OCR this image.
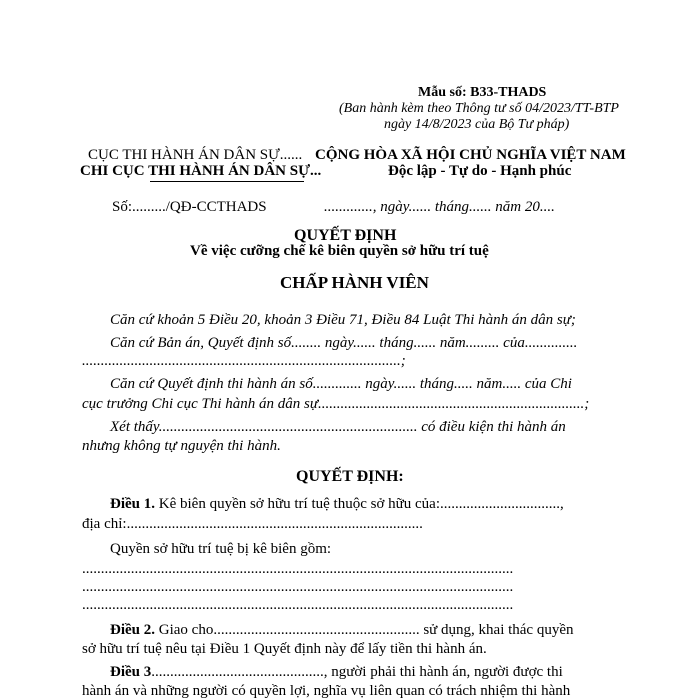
Mẫu số: B33-THADS
(Ban hành kèm theo Thông tư số 04/2023/TT-BTP
ngày 14/8/2023 của Bộ Tư pháp)
CỤC THI HÀNH ÁN DÂN SỰ......
CHI CỤC THI HÀNH ÁN DÂN SỰ...
CỘNG HÒA XÃ HỘI CHỦ NGHĨA VIỆT NAM
Độc lập - Tự do - Hạnh phúc
Số:........./QĐ-CCTHADS	............., ngày...... tháng...... năm 20....
QUYẾT ĐỊNH
Về việc cưỡng chế kê biên quyền sở hữu trí tuệ
CHẤP HÀNH VIÊN
Căn cứ khoản 5 Điều 20, khoản 3 Điều 71, Điều 84 Luật Thi hành án dân sự;
Căn cứ Bản án, Quyết định số........ ngày...... tháng...... năm......... của..............
.....................................................................................;
Căn cứ Quyết định thi hành án số............. ngày...... tháng..... năm..... của Chi
cục trưởng Chi cục Thi hành án dân sự.......................................................................;
Xét thấy..................................................................... có điều kiện thi hành án
nhưng không tự nguyện thi hành.
QUYẾT ĐỊNH:
Điều 1. Kê biên quyền sở hữu trí tuệ thuộc sở hữu của:................................,
địa chỉ:...............................................................................
Quyền sở hữu trí tuệ bị kê biên gồm:
...................................................................................................................
...................................................................................................................
...................................................................................................................
Điều 2. Giao cho....................................................... sử dụng, khai thác quyền
sở hữu trí tuệ nêu tại Điều 1 Quyết định này để lấy tiền thi hành án.
Điều 3.............................................., người phải thi hành án, người được thi
hành án và những người có quyền lợi, nghĩa vụ liên quan có trách nhiệm thi hành
